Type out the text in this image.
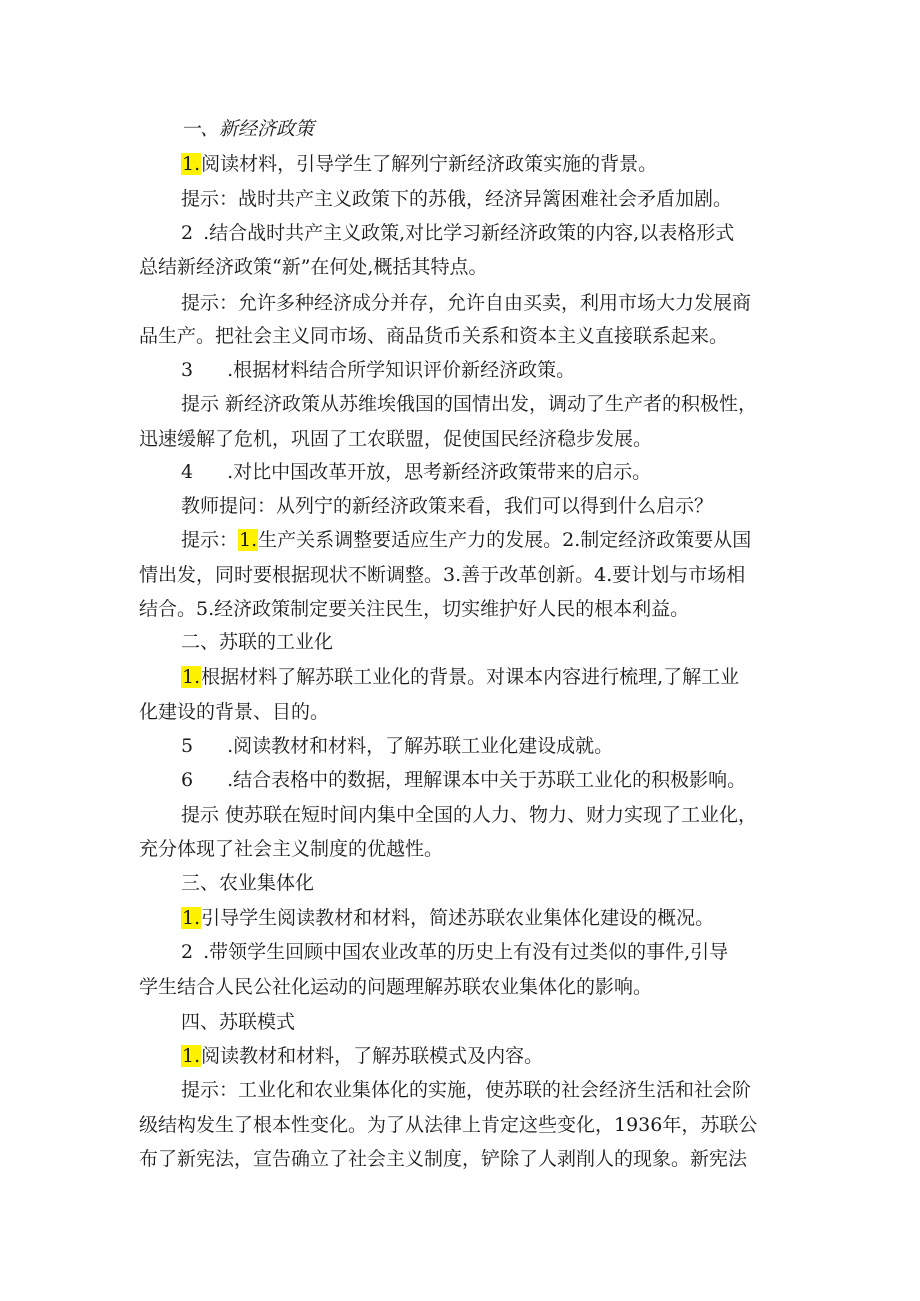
一、新经济政策
1.阅读材料，引导学生了解列宁新经济政策实施的背景。
提示：战时共产主义政策下的苏俄，经济异篱困难社会矛盾加剧。
2 .结合战时共产主义政策,对比学习新经济政策的内容,以表格形式
总结新经济政策“新”在何处,概括其特点。
提示：允许多种经济成分并存，允许自由买卖，利用市场大力发展商
品生产。把社会主义同市场、商品货币关系和资本主义直接联系起来。
3 .根据材料结合所学知识评价新经济政策。
提示 新经济政策从苏维埃俄国的国情出发，调动了生产者的积极性，
迅速缓解了危机，巩固了工农联盟，促使国民经济稳步发展。
4 .对比中国改革开放，思考新经济政策带来的启示。
教师提问：从列宁的新经济政策来看，我们可以得到什么启示？
提示：1.生产关系调整要适应生产力的发展。2.制定经济政策要从国
情出发，同时要根据现状不断调整。3.善于改革创新。4.要计划与市场相
结合。5.经济政策制定要关注民生，切实维护好人民的根本利益。
二、苏联的工业化
1.根据材料了解苏联工业化的背景。对课本内容进行梳理,了解工业
化建设的背景、目的。
5 .阅读教材和材料，了解苏联工业化建设成就。
6 .结合表格中的数据，理解课本中关于苏联工业化的积极影响。
提示 使苏联在短时间内集中全国的人力、物力、财力实现了工业化，
充分体现了社会主义制度的优越性。
三、农业集体化
1.引导学生阅读教材和材料，简述苏联农业集体化建设的概况。
2 .带领学生回顾中国农业改革的历史上有没有过类似的事件,引导
学生结合人民公社化运动的问题理解苏联农业集体化的影响。
四、苏联模式
1.阅读教材和材料，了解苏联模式及内容。
提示：工业化和农业集体化的实施，使苏联的社会经济生活和社会阶
级结构发生了根本性变化。为了从法律上肯定这些变化，1936年，苏联公
布了新宪法，宣告确立了社会主义制度，铲除了人剥削人的现象。新宪法
